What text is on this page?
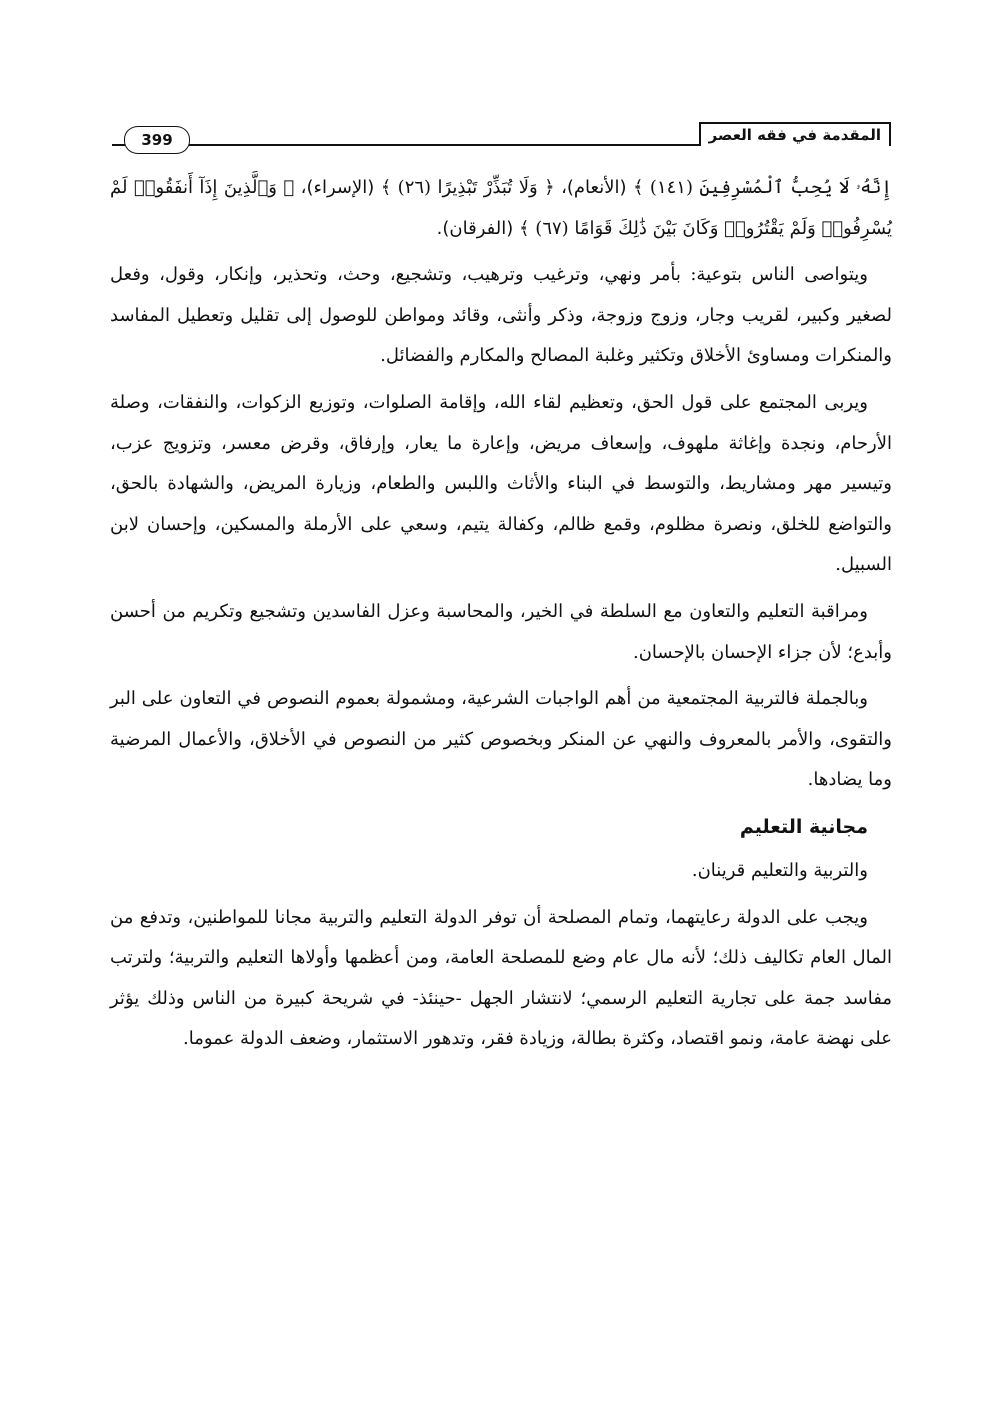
المقدمة في فقه العصر
399

إِنَّهُۥ لَا يُحِبُّ ٱلْمُسْرِفِينَ (١٤١) ﴾ (الأنعام)، ﴿ وَلَا تُبَذِّرْ تَبْذِيرًا (٢٦) ﴾ (الإسراء)، ﴿ وَٱلَّذِينَ إِذَآ أَنفَقُوا۟ لَمْ يُسْرِفُوا۟ وَلَمْ يَقْتُرُوا۟ وَكَانَ بَيْنَ ذَٰلِكَ قَوَامًا (٦٧) ﴾ (الفرقان).

ويتواصى الناس بتوعية: بأمر ونهي، وترغيب وترهيب، وتشجيع، وحث، وتحذير، وإنكار، وقول، وفعل لصغير وكبير، لقريب وجار، وزوج وزوجة، وذكر وأنثى، وقائد ومواطن للوصول إلى تقليل وتعطيل المفاسد والمنكرات ومساوئ الأخلاق وتكثير وغلبة المصالح والمكارم والفضائل.

ويربى المجتمع على قول الحق، وتعظيم لقاء الله، وإقامة الصلوات، وتوزيع الزكوات، والنفقات، وصلة الأرحام، ونجدة وإغاثة ملهوف، وإسعاف مريض، وإعارة ما يعار، وإرفاق، وقرض معسر، وتزويج عزب، وتيسير مهر ومشاريط، والتوسط في البناء والأثاث واللبس والطعام، وزيارة المريض، والشهادة بالحق، والتواضع للخلق، ونصرة مظلوم، وقمع ظالم، وكفالة يتيم، وسعي على الأرملة والمسكين، وإحسان لابن السبيل.

ومراقبة التعليم والتعاون مع السلطة في الخير، والمحاسبة وعزل الفاسدين وتشجيع وتكريم من أحسن وأبدع؛ لأن جزاء الإحسان بالإحسان.

وبالجملة فالتربية المجتمعية من أهم الواجبات الشرعية، ومشمولة بعموم النصوص في التعاون على البر والتقوى، والأمر بالمعروف والنهي عن المنكر وبخصوص كثير من النصوص في الأخلاق، والأعمال المرضية وما يضادها.

مجانية التعليم

والتربية والتعليم قرينان.

ويجب على الدولة رعايتهما، وتمام المصلحة أن توفر الدولة التعليم والتربية مجانا للمواطنين، وتدفع من المال العام تكاليف ذلك؛ لأنه مال عام وضع للمصلحة العامة، ومن أعظمها وأولاها التعليم والتربية؛ ولترتب مفاسد جمة على تجارية التعليم الرسمي؛ لانتشار الجهل -حينئذ- في شريحة كبيرة من الناس وذلك يؤثر على نهضة عامة، ونمو اقتصاد، وكثرة بطالة، وزيادة فقر، وتدهور الاستثمار، وضعف الدولة عموما.
